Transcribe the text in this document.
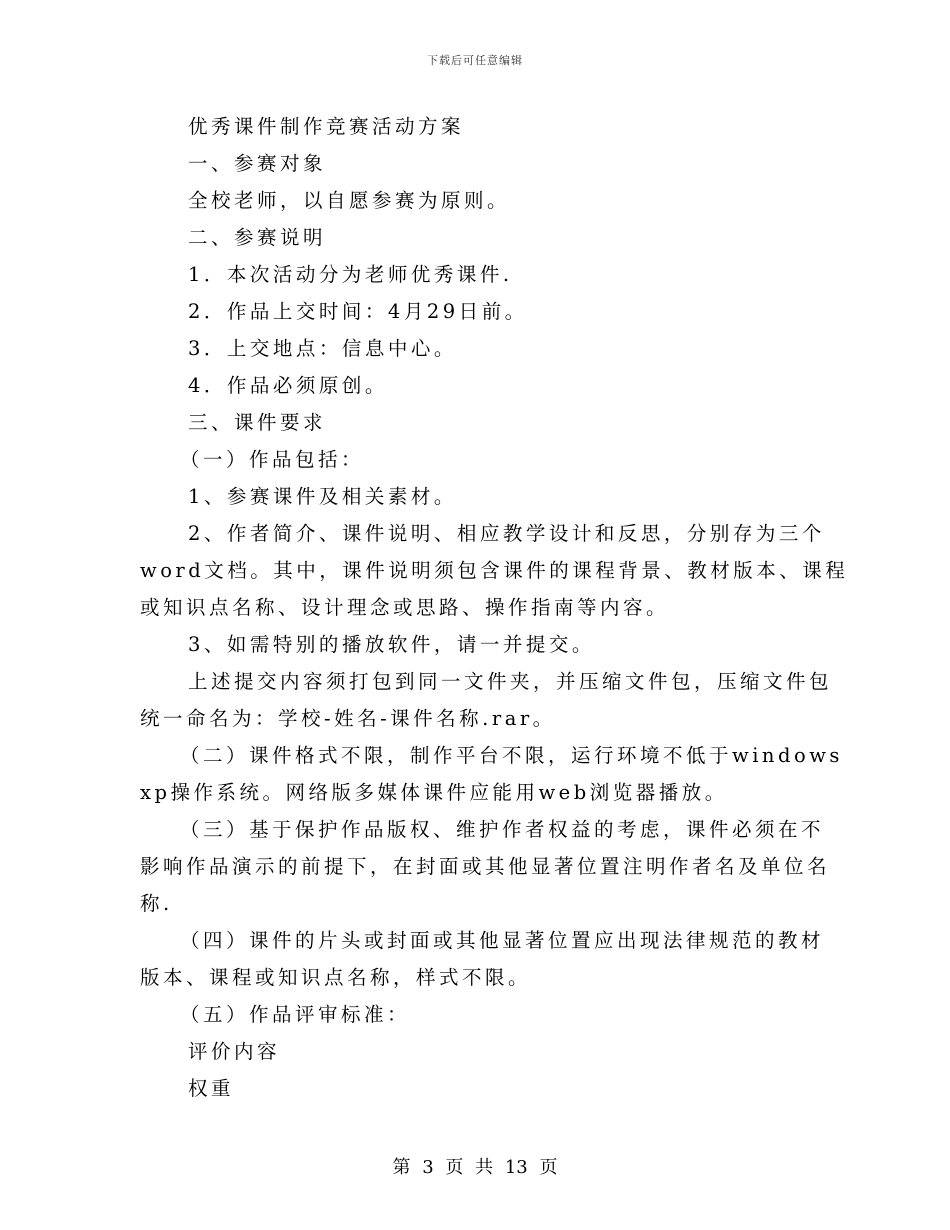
下载后可任意编辑

优秀课件制作竞赛活动方案

一、参赛对象

全校老师，以自愿参赛为原则。

二、参赛说明

1．本次活动分为老师优秀课件.

2．作品上交时间：4月29日前。

3．上交地点：信息中心。

4．作品必须原创。

三、课件要求

（一）作品包括：

1、参赛课件及相关素材。

2、作者简介、课件说明、相应教学设计和反思，分别存为三个

word文档。其中，课件说明须包含课件的课程背景、教材版本、课程

或知识点名称、设计理念或思路、操作指南等内容。

3、如需特别的播放软件，请一并提交。

上述提交内容须打包到同一文件夹，并压缩文件包，压缩文件包

统一命名为：学校-姓名-课件名称.rar。

（二）课件格式不限，制作平台不限，运行环境不低于windows

xp操作系统。网络版多媒体课件应能用web浏览器播放。

（三）基于保护作品版权、维护作者权益的考虑，课件必须在不

影响作品演示的前提下，在封面或其他显著位置注明作者名及单位名

称.

（四）课件的片头或封面或其他显著位置应出现法律规范的教材

版本、课程或知识点名称，样式不限。

（五）作品评审标准：

评价内容

权重

第 3 页 共 13 页
